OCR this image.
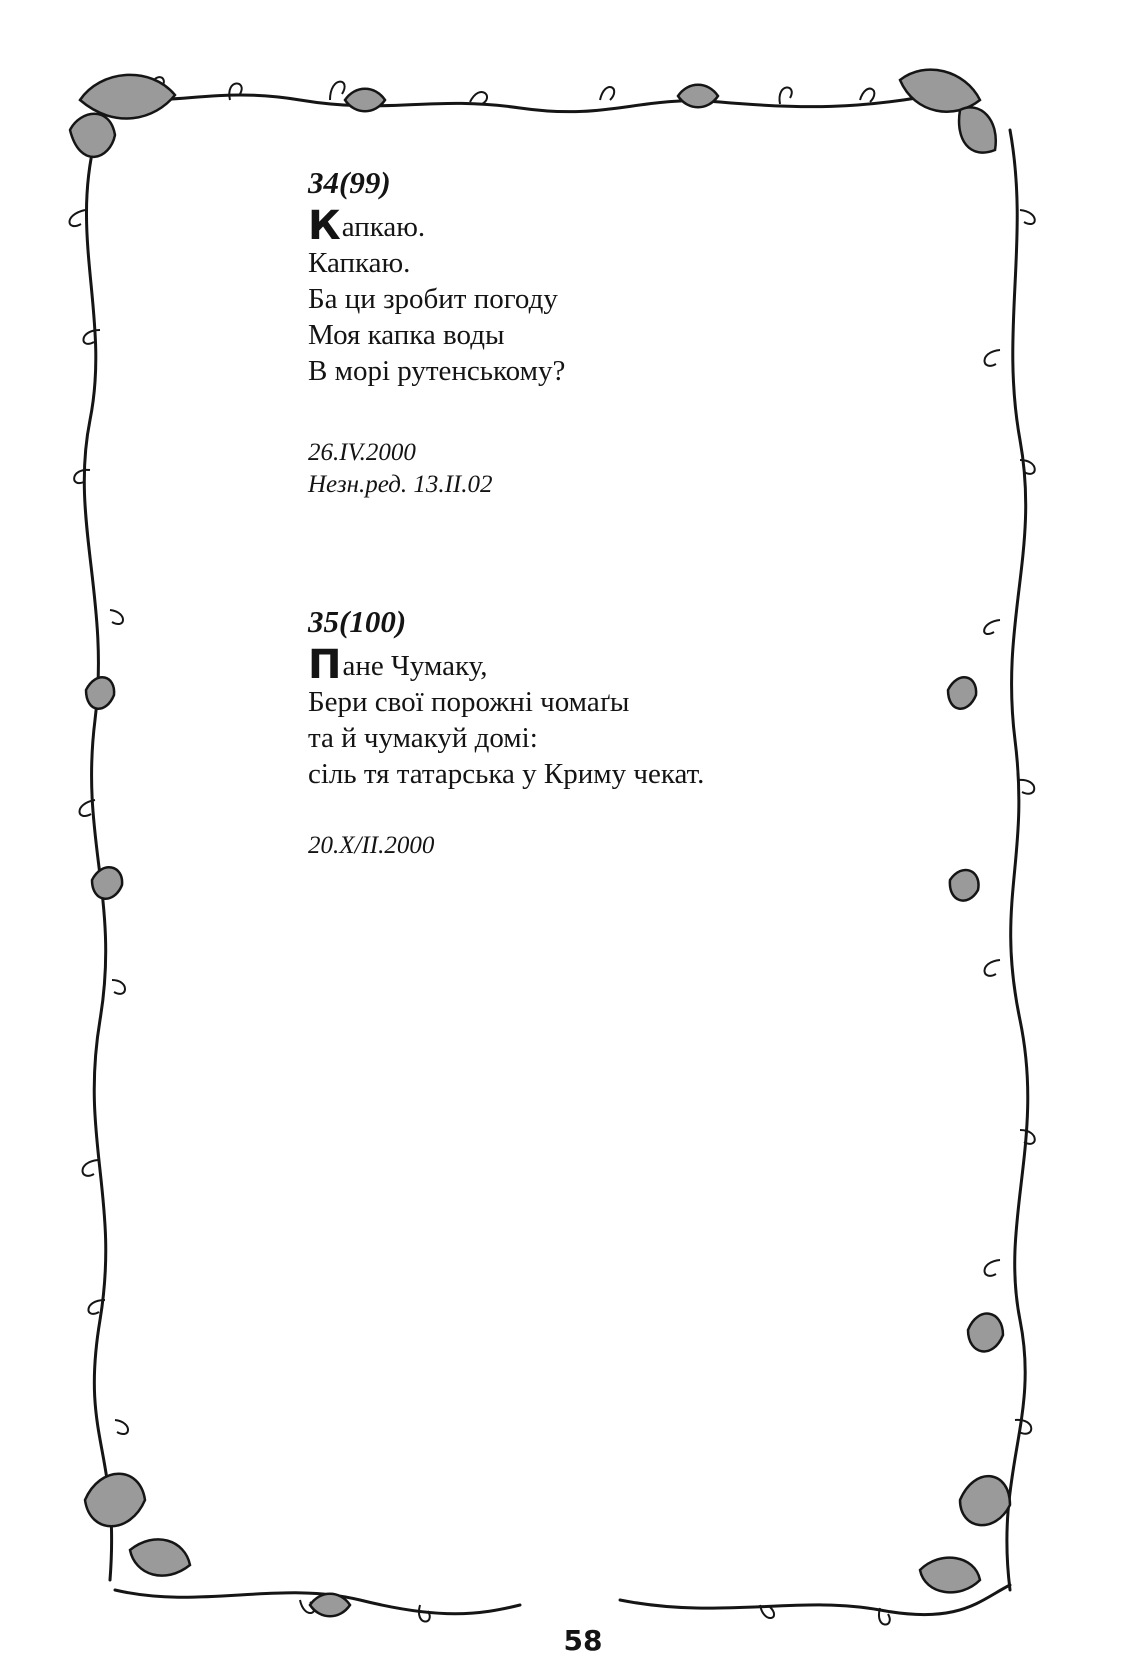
34(99)
Капкаю.
Капкаю.
Ба ци зробит погоду
Моя капка воды
В морі рутенському?
26.IV.2000
Незн.ред. 13.II.02
35(100)
Пане Чумаку,
Бери свої порожні чомаґы
та й чумакуй домі:
сіль тя татарська у Криму чекат.
20.X/II.2000
58
